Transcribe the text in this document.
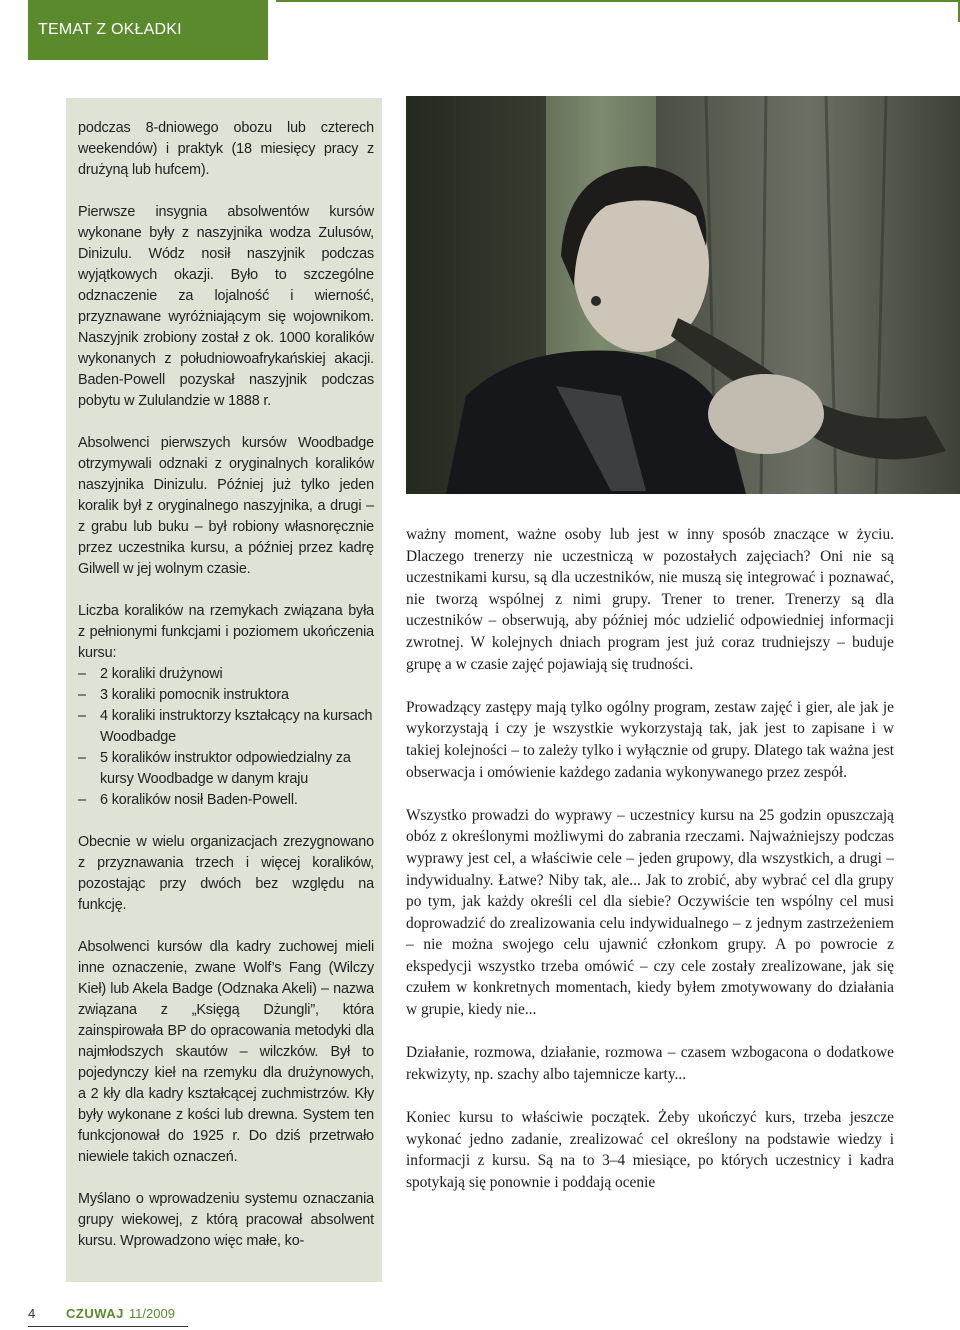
TEMAT Z OKŁADKI

podczas 8-dniowego obozu lub czterech weekendów) i praktyk (18 miesięcy pracy z drużyną lub hufcem).

Pierwsze insygnia absolwentów kursów wykonane były z naszyjnika wodza Zulusów, Dinizulu. Wódz nosił naszyjnik podczas wyjątkowych okazji. Było to szczególne odznaczenie za lojalność i wierność, przyznawane wyróżniającym się wojownikom. Naszyjnik zrobiony został z ok. 1000 koralików wykonanych z południowoafrykańskiej akacji. Baden-Powell pozyskał naszyjnik podczas pobytu w Zululandzie w 1888 r.

Absolwenci pierwszych kursów Woodbadge otrzymywali odznaki z oryginalnych koralików naszyjnika Dinizulu. Później już tylko jeden koralik był z oryginalnego naszyjnika, a drugi – z grabu lub buku – był robiony własnoręcznie przez uczestnika kursu, a później przez kadrę Gilwell w jej wolnym czasie.

Liczba koralików na rzemykach związana była z pełnionymi funkcjami i poziomem ukończenia kursu:

– 2 koraliki drużynowi
– 3 koraliki pomocnik instruktora
– 4 koraliki instruktorzy kształcący na kursach Woodbadge
– 5 koralików instruktor odpowiedzialny za kursy Woodbadge w danym kraju
– 6 koralików nosił Baden-Powell.

Obecnie w wielu organizacjach zrezygnowano z przyznawania trzech i więcej koralików, pozostając przy dwóch bez względu na funkcję.

Absolwenci kursów dla kadry zuchowej mieli inne oznaczenie, zwane Wolf’s Fang (Wilczy Kieł) lub Akela Badge (Odznaka Akeli) – nazwa związana z „Księgą Dżungli”, która zainspirowała BP do opracowania metodyki dla najmłodszych skautów – wilczków. Był to pojedynczy kieł na rzemyku dla drużynowych, a 2 kły dla kadry kształcącej zuchmistrzów. Kły były wykonane z kości lub drewna. System ten funkcjonował do 1925 r. Do dziś przetrwało niewiele takich oznaczeń.

Myślano o wprowadzeniu systemu oznaczania grupy wiekowej, z którą pracował absolwent kursu. Wprowadzono więc małe, ko-

ważny moment, ważne osoby lub jest w inny sposób znaczące w życiu. Dlaczego trenerzy nie uczestniczą w pozostałych zajęciach? Oni nie są uczestnikami kursu, są dla uczestników, nie muszą się integrować i poznawać, nie tworzą wspólnej z nimi grupy. Trener to trener. Trenerzy są dla uczestników – obserwują, aby później móc udzielić odpowiedniej informacji zwrotnej. W kolejnych dniach program jest już coraz trudniejszy – buduje grupę a w czasie zajęć pojawiają się trudności.

Prowadzący zastępy mają tylko ogólny program, zestaw zajęć i gier, ale jak je wykorzystają i czy je wszystkie wykorzystają tak, jak jest to zapisane i w takiej kolejności – to zależy tylko i wyłącznie od grupy. Dlatego tak ważna jest obserwacja i omówienie każdego zadania wykonywanego przez zespół.

Wszystko prowadzi do wyprawy – uczestnicy kursu na 25 godzin opuszczają obóz z określonymi możliwymi do zabrania rzeczami. Najważniejszy podczas wyprawy jest cel, a właściwie cele – jeden grupowy, dla wszystkich, a drugi – indywidualny. Łatwe? Niby tak, ale... Jak to zrobić, aby wybrać cel dla grupy po tym, jak każdy określi cel dla siebie? Oczywiście ten wspólny cel musi doprowadzić do zrealizowania celu indywidualnego – z jednym zastrzeżeniem – nie można swojego celu ujawnić członkom grupy. A po powrocie z ekspedycji wszystko trzeba omówić – czy cele zostały zrealizowane, jak się czułem w konkretnych momentach, kiedy byłem zmotywowany do działania w grupie, kiedy nie...

Działanie, rozmowa, działanie, rozmowa – czasem wzbogacona o dodatkowe rekwizyty, np. szachy albo tajemnicze karty...

Koniec kursu to właściwie początek. Żeby ukończyć kurs, trzeba jeszcze wykonać jedno zadanie, zrealizować cel określony na podstawie wiedzy i informacji z kursu. Są na to 3–4 miesiące, po których uczestnicy i kadra spotykają się ponownie i poddają ocenie

4	CZUWAJ 11/2009
